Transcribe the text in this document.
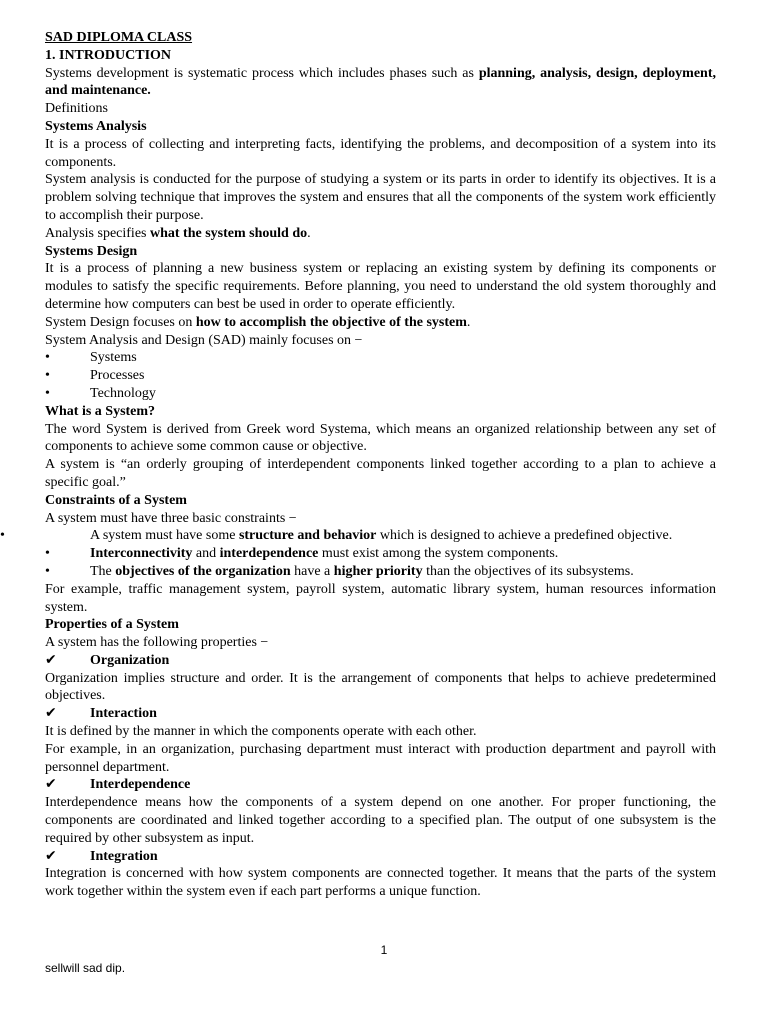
SAD DIPLOMA CLASS

1. INTRODUCTION

Systems development is systematic process which includes phases such as planning, analysis, design, deployment, and maintenance.

Definitions

Systems Analysis

It is a process of collecting and interpreting facts, identifying the problems, and decomposition of a system into its components.

System analysis is conducted for the purpose of studying a system or its parts in order to identify its objectives. It is a problem solving technique that improves the system and ensures that all the components of the system work efficiently to accomplish their purpose.

Analysis specifies what the system should do.

Systems Design

It is a process of planning a new business system or replacing an existing system by defining its components or modules to satisfy the specific requirements. Before planning, you need to understand the old system thoroughly and determine how computers can best be used in order to operate efficiently.

System Design focuses on how to accomplish the objective of the system.

System Analysis and Design (SAD) mainly focuses on −

•	Systems

•	Processes

•	Technology

What is a System?

The word System is derived from Greek word Systema, which means an organized relationship between any set of components to achieve some common cause or objective.

A system is “an orderly grouping of interdependent components linked together according to a plan to achieve a specific goal.”

Constraints of a System

A system must have three basic constraints −

•	A system must have some structure and behavior which is designed to achieve a predefined objective.

•	Interconnectivity and interdependence must exist among the system components.

•	The objectives of the organization have a higher priority than the objectives of its subsystems.

For example, traffic management system, payroll system, automatic library system, human resources information system.

Properties of a System

A system has the following properties −

✔ Organization

Organization implies structure and order. It is the arrangement of components that helps to achieve predetermined objectives.

✔ Interaction

It is defined by the manner in which the components operate with each other.

For example, in an organization, purchasing department must interact with production department and payroll with personnel department.

✔ Interdependence

Interdependence means how the components of a system depend on one another. For proper functioning, the components are coordinated and linked together according to a specified plan. The output of one subsystem is the required by other subsystem as input.

✔ Integration

Integration is concerned with how system components are connected together. It means that the parts of the system work together within the system even if each part performs a unique function.

1
sellwill sad dip.
